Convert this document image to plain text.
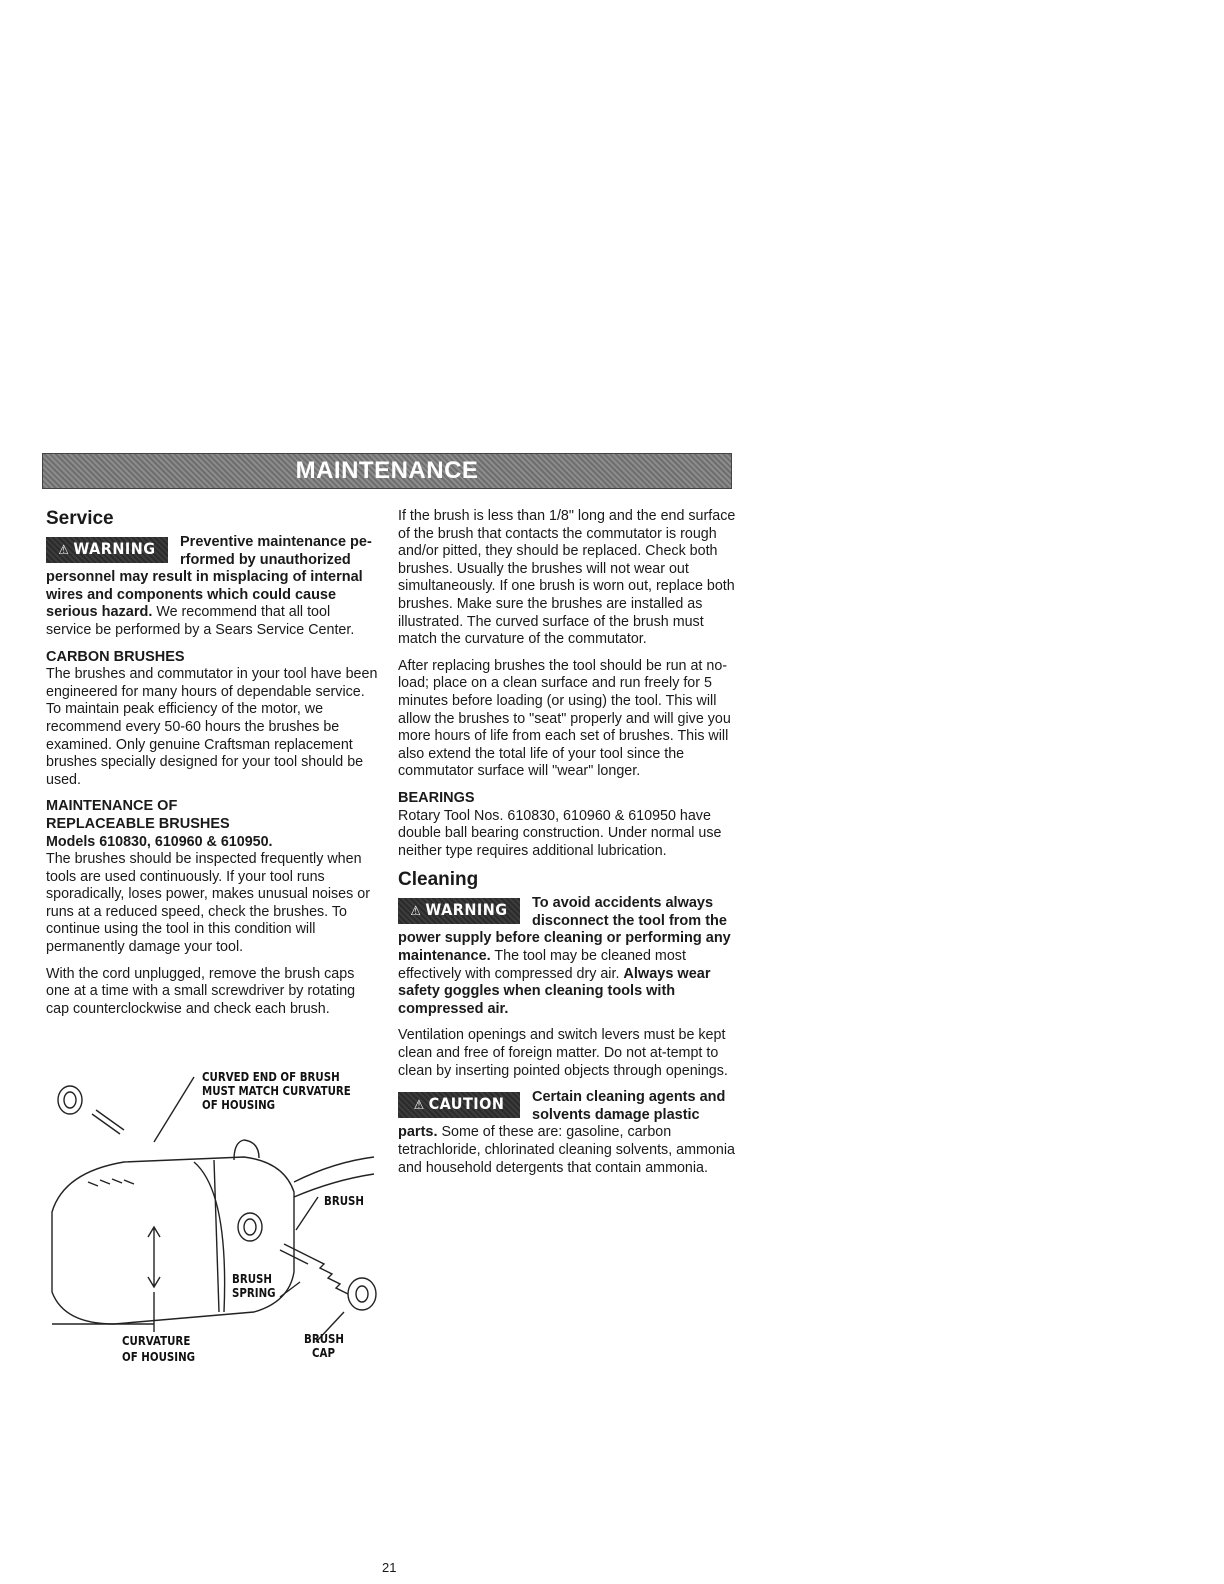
MAINTENANCE
Service

⚠ WARNING	Preventive maintenance pe-rformed by unauthorized personnel may result in misplacing of internal wires and components which could cause serious hazard. We recommend that all tool service be performed by a Sears Service Center.

CARBON BRUSHES

The brushes and commutator in your tool have been engineered for many hours of dependable service. To maintain peak efficiency of the motor, we recommend every 50-60 hours the brushes be examined. Only genuine Craftsman replacement brushes specially designed for your tool should be used.

MAINTENANCE OF
REPLACEABLE BRUSHES
Models 610830, 610960 & 610950.

The brushes should be inspected frequently when tools are used continuously. If your tool runs sporadically, loses power, makes unusual noises or runs at a reduced speed, check the brushes. To continue using the tool in this condition will permanently damage your tool.

With the cord unplugged, remove the brush caps one at a time with a small screwdriver by rotating cap counterclockwise and check each brush.

CURVED END OF BRUSH
MUST MATCH CURVATURE
OF HOUSING
BRUSH
BRUSH
SPRING
CURVATURE
OF HOUSING
BRUSH
CAP

If the brush is less than 1/8" long and the end surface of the brush that contacts the commutator is rough and/or pitted, they should be replaced. Check both brushes. Usually the brushes will not wear out simultaneously. If one brush is worn out, replace both brushes. Make sure the brushes are installed as illustrated. The curved surface of the brush must match the curvature of the commutator.

After replacing brushes the tool should be run at no-load; place on a clean surface and run freely for 5 minutes before loading (or using) the tool. This will allow the brushes to "seat" properly and will give you more hours of life from each set of brushes. This will also extend the total life of your tool since the commutator surface will "wear" longer.

BEARINGS

Rotary Tool Nos. 610830, 610960 & 610950 have double ball bearing construction. Under normal use neither type requires additional lubrication.

Cleaning

⚠ WARNING	To avoid accidents always disconnect the tool from the power supply before cleaning or performing any maintenance. The tool may be cleaned most effectively with compressed dry air. Always wear safety goggles when cleaning tools with compressed air.

Ventilation openings and switch levers must be kept clean and free of foreign matter. Do not at-tempt to clean by inserting pointed objects through openings.

⚠ CAUTION	Certain cleaning agents and solvents damage plastic parts. Some of these are: gasoline, carbon tetrachloride, chlorinated cleaning solvents, ammonia and household detergents that contain ammonia.

21
